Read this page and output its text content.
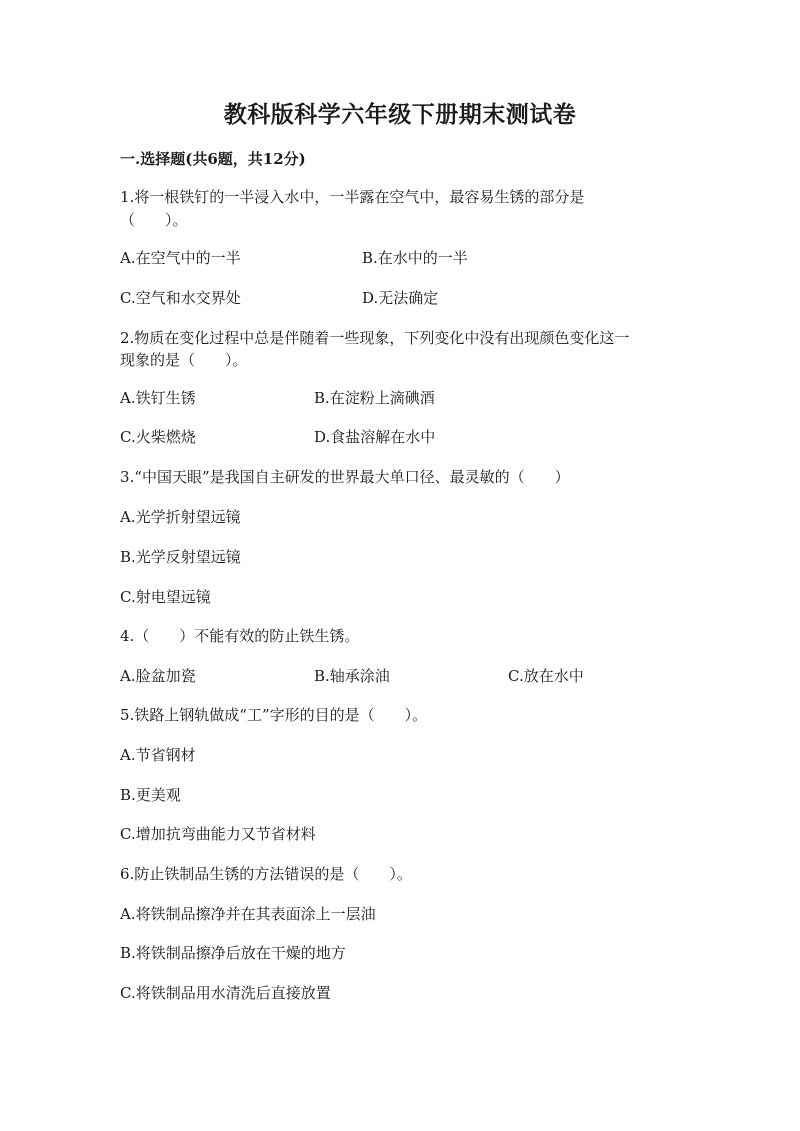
教科版科学六年级下册期末测试卷
一.选择题(共6题，共12分)
1.将一根铁钉的一半浸入水中，一半露在空气中，最容易生锈的部分是
（　　）。
A.在空气中的一半	B.在水中的一半
C.空气和水交界处	D.无法确定
2.物质在变化过程中总是伴随着一些现象，下列变化中没有出现颜色变化这一
现象的是（　　）。
A.铁钉生锈	B.在淀粉上滴碘酒
C.火柴燃烧	D.食盐溶解在水中
3.“中国天眼”是我国自主研发的世界最大单口径、最灵敏的（　　）
A.光学折射望远镜
B.光学反射望远镜
C.射电望远镜
4.（　　）不能有效的防止铁生锈。
A.脸盆加瓷	B.轴承涂油	C.放在水中
5.铁路上钢轨做成“工”字形的目的是（　　）。
A.节省钢材
B.更美观
C.增加抗弯曲能力又节省材料
6.防止铁制品生锈的方法错误的是（　　）。
A.将铁制品擦净并在其表面涂上一层油
B.将铁制品擦净后放在干燥的地方
C.将铁制品用水清洗后直接放置
